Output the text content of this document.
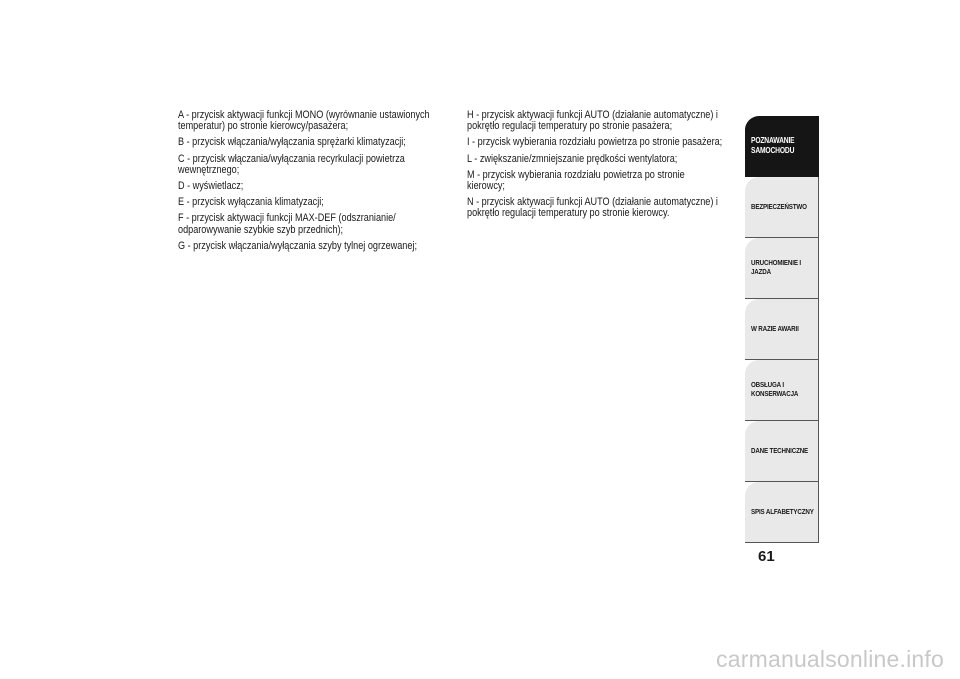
A - przycisk aktywacji funkcji MONO (wyrównanie ustawionych temperatur) po stronie kierowcy/pasażera;

B - przycisk włączania/wyłączania sprężarki klimatyzacji;

C - przycisk włączania/wyłączania recyrkulacji powietrza wewnętrznego;

D - wyświetlacz;

E - przycisk wyłączania klimatyzacji;

F - przycisk aktywacji funkcji MAX-DEF (odszranianie/ odparowywanie szybkie szyb przednich);

G - przycisk włączania/wyłączania szyby tylnej ogrzewanej;

H - przycisk aktywacji funkcji AUTO (działanie automatyczne) i pokrętło regulacji temperatury po stronie pasażera;

I - przycisk wybierania rozdziału powietrza po stronie pasażera;

L - zwiększanie/zmniejszanie prędkości wentylatora;

M - przycisk wybierania rozdziału powietrza po stronie kierowcy;

N - przycisk aktywacji funkcji AUTO (działanie automatyczne) i pokrętło regulacji temperatury po stronie kierowcy.

POZNAWANIE
SAMOCHODU
BEZPIECZEŃSTWO
URUCHOMIENIE I
JAZDA
W RAZIE AWARII
OBSŁUGA I
KONSERWACJA
DANE TECHNICZNE
SPIS ALFABETYCZNY
61
carmanualsonline.info
